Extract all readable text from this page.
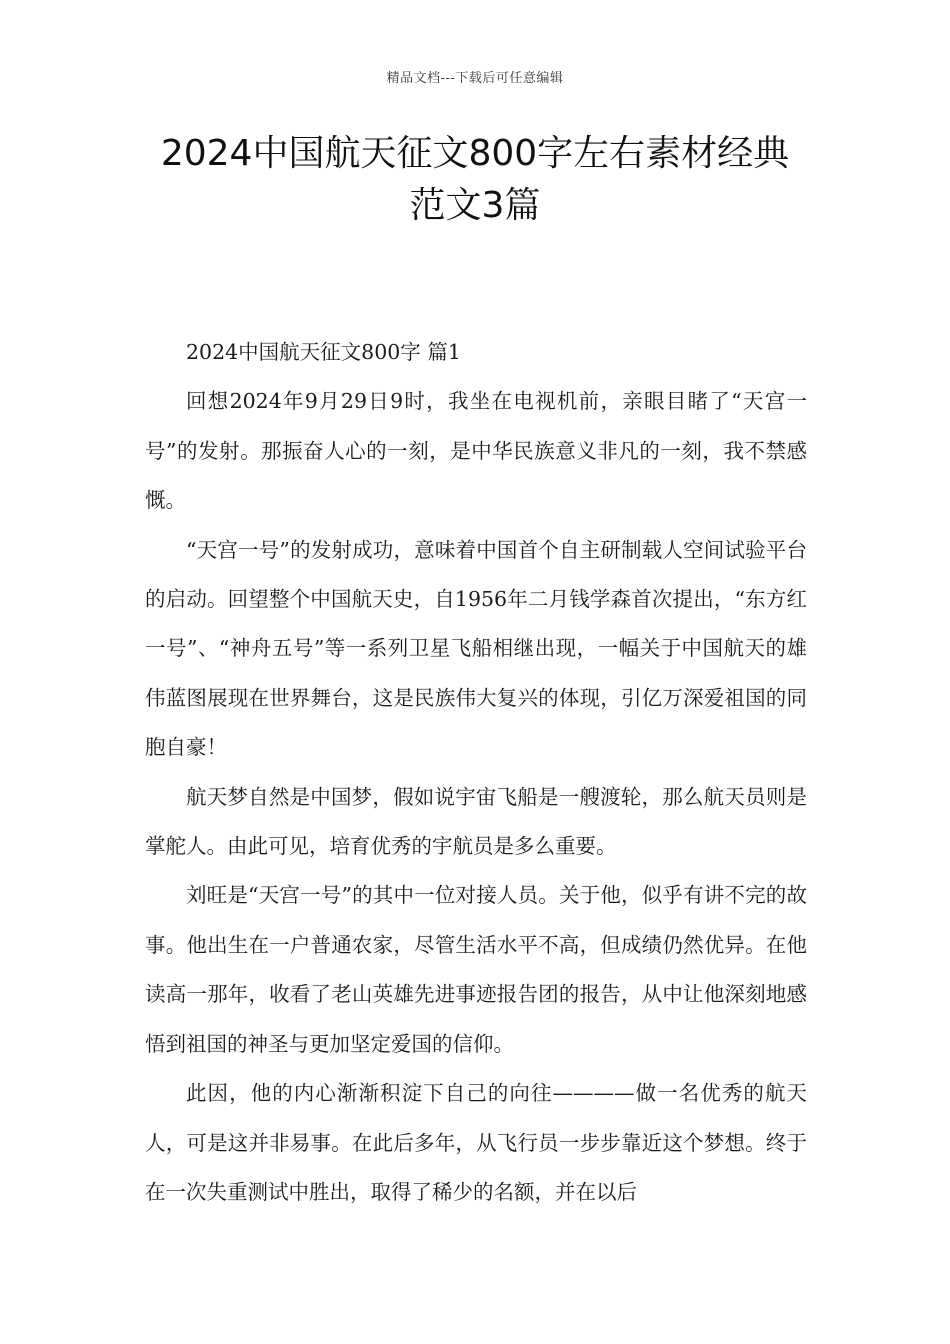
精品文档---下载后可任意编辑
2024中国航天征文800字左右素材经典
范文3篇

2024中国航天征文800字 篇1

回想2024年9月29日9时，我坐在电视机前，亲眼目睹了“天宫一号”的发射。那振奋人心的一刻，是中华民族意义非凡的一刻，我不禁感慨。

“天宫一号”的发射成功，意味着中国首个自主研制载人空间试验平台的启动。回望整个中国航天史，自1956年二月钱学森首次提出，“东方红一号”、“神舟五号”等一系列卫星飞船相继出现，一幅关于中国航天的雄伟蓝图展现在世界舞台，这是民族伟大复兴的体现，引亿万深爱祖国的同胞自豪！

航天梦自然是中国梦，假如说宇宙飞船是一艘渡轮，那么航天员则是掌舵人。由此可见，培育优秀的宇航员是多么重要。

刘旺是“天宫一号”的其中一位对接人员。关于他，似乎有讲不完的故事。他出生在一户普通农家，尽管生活水平不高，但成绩仍然优异。在他读高一那年，收看了老山英雄先进事迹报告团的报告，从中让他深刻地感悟到祖国的神圣与更加坚定爱国的信仰。

此因，他的内心渐渐积淀下自己的向往————做一名优秀的航天人，可是这并非易事。在此后多年，从飞行员一步步靠近这个梦想。终于在一次失重测试中胜出，取得了稀少的名额，并在以后
